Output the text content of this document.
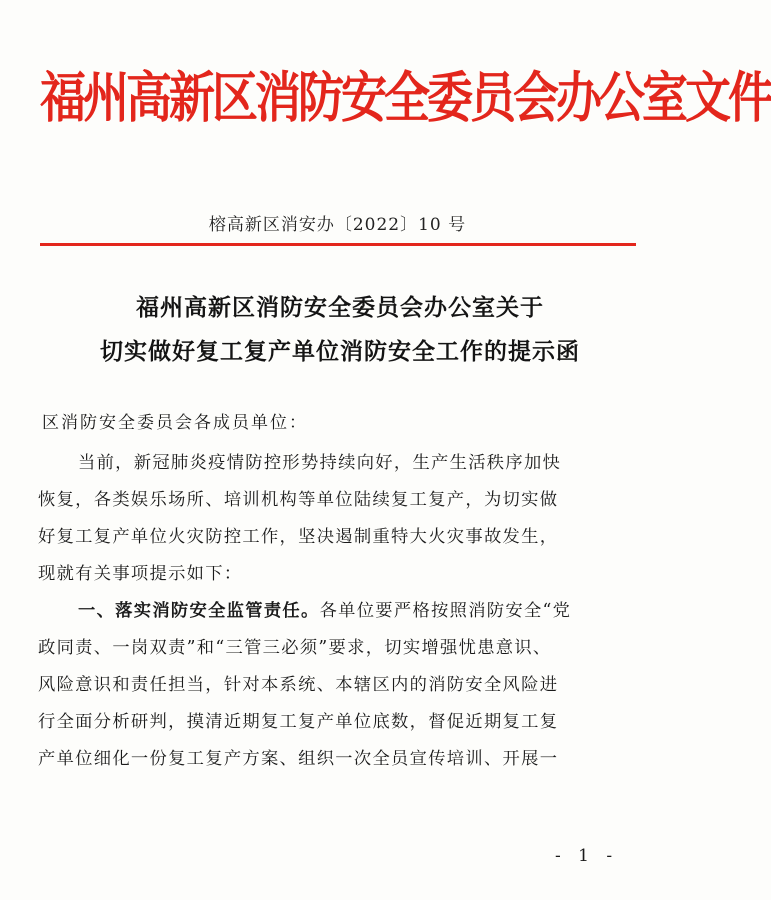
福州高新区消防安全委员会办公室文件
榕高新区消安办〔2022〕10 号
福州高新区消防安全委员会办公室关于
切实做好复工复产单位消防安全工作的提示函
区消防安全委员会各成员单位：
当前，新冠肺炎疫情防控形势持续向好，生产生活秩序加快
恢复，各类娱乐场所、培训机构等单位陆续复工复产，为切实做
好复工复产单位火灾防控工作，坚决遏制重特大火灾事故发生，
现就有关事项提示如下：
一、落实消防安全监管责任。各单位要严格按照消防安全“党
政同责、一岗双责”和“三管三必须”要求，切实增强忧患意识、
风险意识和责任担当，针对本系统、本辖区内的消防安全风险进
行全面分析研判，摸清近期复工复产单位底数，督促近期复工复
产单位细化一份复工复产方案、组织一次全员宣传培训、开展一
- 1 -
